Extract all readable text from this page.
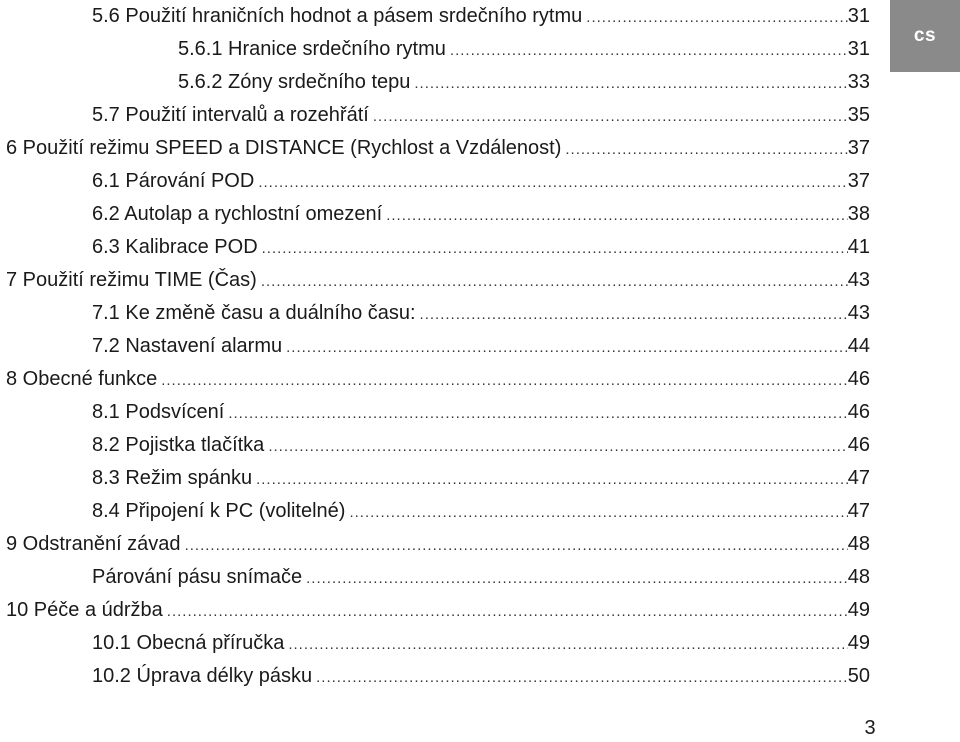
5.6 Použití hraničních hodnot a pásem srdečního rytmu .....	31
5.6.1 Hranice srdečního rytmu .....	31
5.6.2 Zóny srdečního tepu .....	33
5.7 Použití intervalů a rozehřátí .....	35
6 Použití režimu SPEED a DISTANCE (Rychlost a Vzdálenost) .....	37
6.1 Párování POD .....	37
6.2 Autolap a rychlostní omezení .....	38
6.3 Kalibrace POD .....	41
7 Použití režimu TIME (Čas) .....	43
7.1 Ke změně času a duálního času: .....	43
7.2 Nastavení alarmu .....	44
8 Obecné funkce .....	46
8.1 Podsvícení .....	46
8.2 Pojistka tlačítka .....	46
8.3 Režim spánku .....	47
8.4 Připojení k PC (volitelné) .....	47
9 Odstranění závad .....	48
Párování pásu snímače .....	48
10 Péče a údržba .....	49
10.1 Obecná příručka .....	49
10.2 Úprava délky pásku .....	50
cs
3
